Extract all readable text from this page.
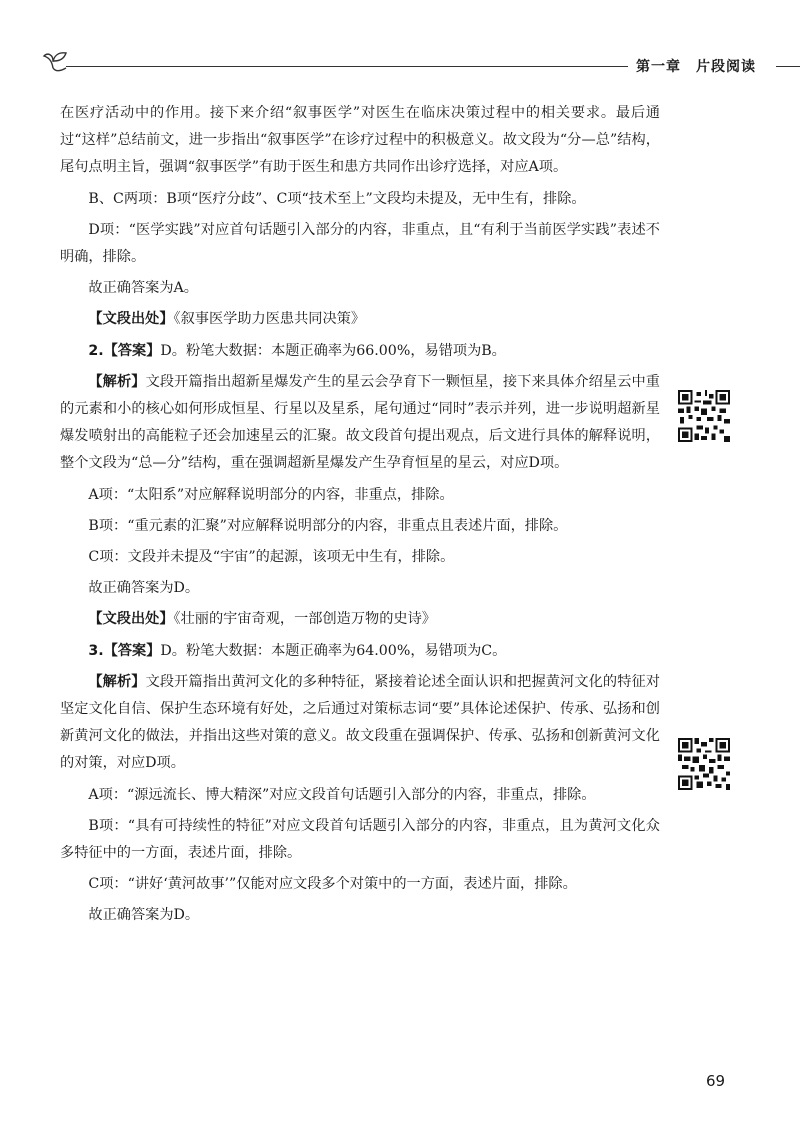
第一章　片段阅读

在医疗活动中的作用。接下来介绍“叙事医学”对医生在临床决策过程中的相关要求。最后通过“这样”总结前文，进一步指出“叙事医学”在诊疗过程中的积极意义。故文段为“分—总”结构，尾句点明主旨，强调“叙事医学”有助于医生和患方共同作出诊疗选择，对应A项。

B、C两项：B项“医疗分歧”、C项“技术至上”文段均未提及，无中生有，排除。

D项：“医学实践”对应首句话题引入部分的内容，非重点，且“有利于当前医学实践”表述不明确，排除。

故正确答案为A。

【文段出处】《叙事医学助力医患共同决策》

2.【答案】D。粉笔大数据：本题正确率为66.00%，易错项为B。

【解析】文段开篇指出超新星爆发产生的星云会孕育下一颗恒星，接下来具体介绍星云中重的元素和小的核心如何形成恒星、行星以及星系，尾句通过“同时”表示并列，进一步说明超新星爆发喷射出的高能粒子还会加速星云的汇聚。故文段首句提出观点，后文进行具体的解释说明，整个文段为“总—分”结构，重在强调超新星爆发产生孕育恒星的星云，对应D项。

A项：“太阳系”对应解释说明部分的内容，非重点，排除。

B项：“重元素的汇聚”对应解释说明部分的内容，非重点且表述片面，排除。

C项：文段并未提及“宇宙”的起源，该项无中生有，排除。

故正确答案为D。

【文段出处】《壮丽的宇宙奇观，一部创造万物的史诗》

3.【答案】D。粉笔大数据：本题正确率为64.00%，易错项为C。

【解析】文段开篇指出黄河文化的多种特征，紧接着论述全面认识和把握黄河文化的特征对坚定文化自信、保护生态环境有好处，之后通过对策标志词“要”具体论述保护、传承、弘扬和创新黄河文化的做法，并指出这些对策的意义。故文段重在强调保护、传承、弘扬和创新黄河文化的对策，对应D项。

A项：“源远流长、博大精深”对应文段首句话题引入部分的内容，非重点，排除。

B项：“具有可持续性的特征”对应文段首句话题引入部分的内容，非重点，且为黄河文化众多特征中的一方面，表述片面，排除。

C项：“讲好‘黄河故事’”仅能对应文段多个对策中的一方面，表述片面，排除。

故正确答案为D。

69
